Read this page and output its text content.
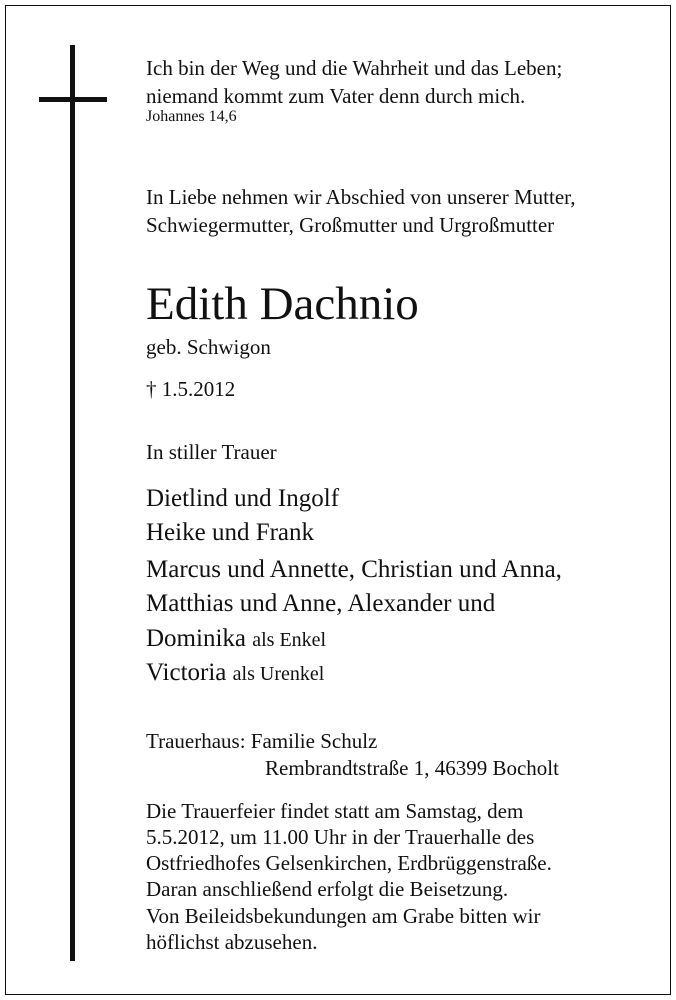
Ich bin der Weg und die Wahrheit und das Leben;
niemand kommt zum Vater denn durch mich.
Johannes 14,6
In Liebe nehmen wir Abschied von unserer Mutter,
Schwiegermutter, Großmutter und Urgroßmutter
Edith Dachnio
geb. Schwigon
† 1.5.2012
In stiller Trauer
Dietlind und Ingolf
Heike und Frank
Marcus und Annette, Christian und Anna,
Matthias und Anne, Alexander und
Dominika als Enkel
Victoria als Urenkel
Trauerhaus: Familie Schulz
Rembrandtstraße 1, 46399 Bocholt
Die Trauerfeier findet statt am Samstag, dem
5.5.2012, um 11.00 Uhr in der Trauerhalle des
Ostfriedhofes Gelsenkirchen, Erdbrüggenstraße.
Daran anschließend erfolgt die Beisetzung.
Von Beileidsbekundungen am Grabe bitten wir
höflichst abzusehen.
